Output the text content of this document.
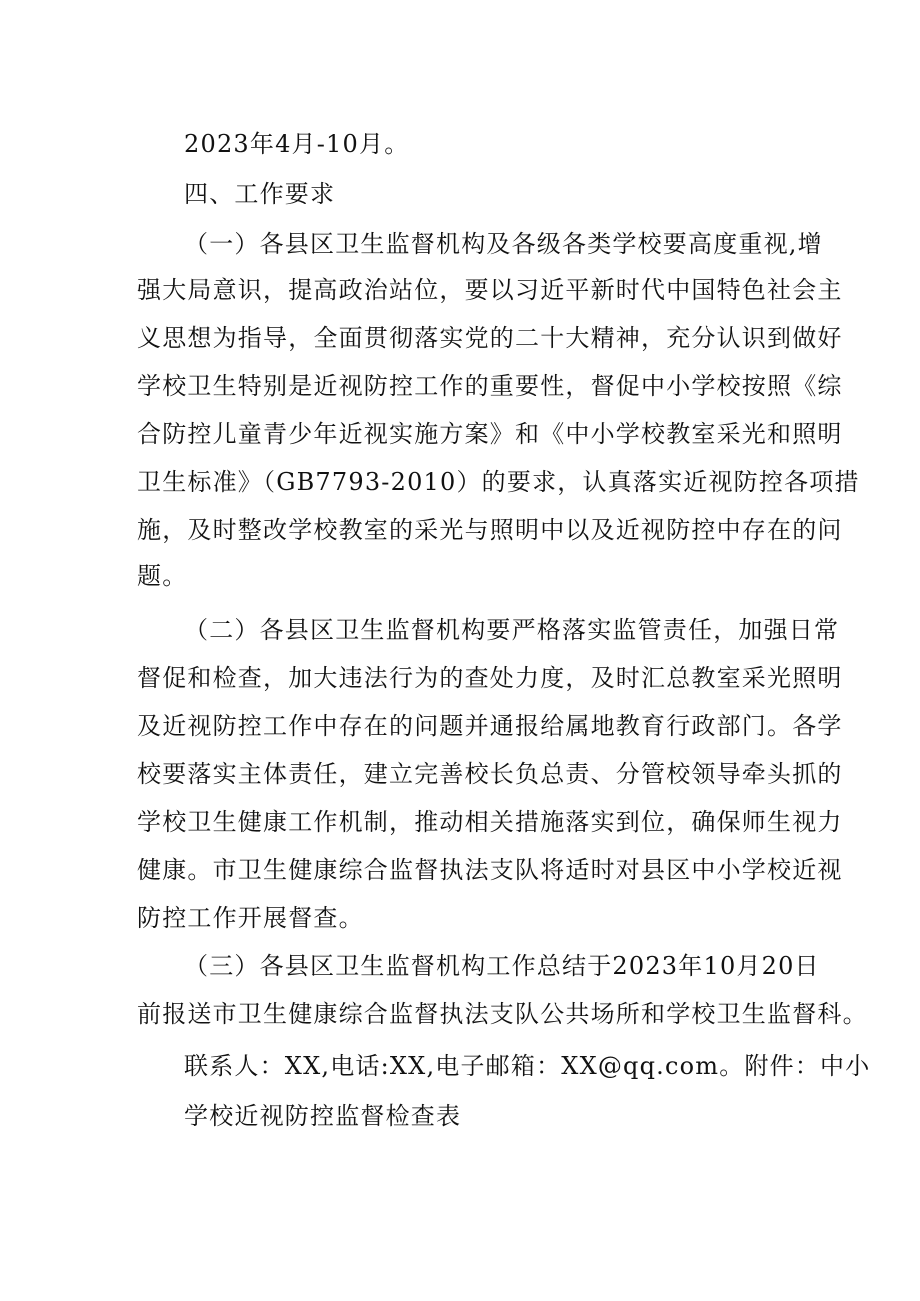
2023年4月-10月。
四、工作要求
（一）各县区卫生监督机构及各级各类学校要高度重视,增
强大局意识，提高政治站位，要以习近平新时代中国特色社会主
义思想为指导，全面贯彻落实党的二十大精神，充分认识到做好
学校卫生特别是近视防控工作的重要性，督促中小学校按照《综
合防控儿童青少年近视实施方案》和《中小学校教室采光和照明
卫生标准》（GB7793-2010）的要求，认真落实近视防控各项措
施，及时整改学校教室的采光与照明中以及近视防控中存在的问
题。
（二）各县区卫生监督机构要严格落实监管责任，加强日常
督促和检查，加大违法行为的查处力度，及时汇总教室采光照明
及近视防控工作中存在的问题并通报给属地教育行政部门。各学
校要落实主体责任，建立完善校长负总责、分管校领导牵头抓的
学校卫生健康工作机制，推动相关措施落实到位，确保师生视力
健康。市卫生健康综合监督执法支队将适时对县区中小学校近视
防控工作开展督查。
（三）各县区卫生监督机构工作总结于2023年10月20日
前报送市卫生健康综合监督执法支队公共场所和学校卫生监督科。
联系人：XX,电话:XX,电子邮箱：XX@qq.com。附件：中小
学校近视防控监督检查表
